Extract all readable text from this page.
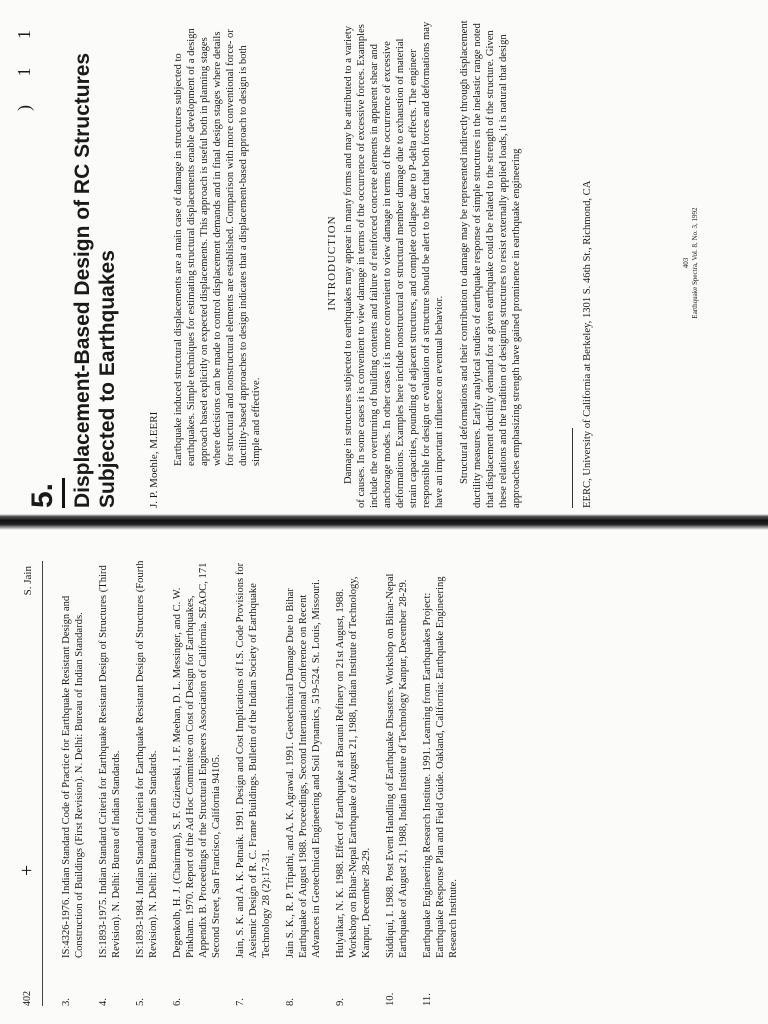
402
+
S. Jain
3.
IS:4326-1976. Indian Standard Code of Practice for Earthquake Resistant Design and Construction of Buildings (First Revision). N. Delhi: Bureau of Indian Standards.
4.
IS:1893-1975. Indian Standard Criteria for Earthquake Resistant Design of Structures (Third Revision). N. Delhi: Bureau of Indian Standards.
5.
IS:1893-1984. Indian Standard Criteria for Earthquake Resistant Design of Structures (Fourth Revision). N. Delhi: Bureau of Indian Standards.
6.
Degenkolb, H. J. (Chairman), S. F. Gizienski, J. F. Meehan, D. L. Messinger, and C. W. Pinkham. 1970. Report of the Ad Hoc Committee on Cost of Design for Earthquakes, Appendix B. Proceedings of the Structural Engineers Association of California. SEAOC, 171 Second Street, San Francisco, California 94105.
7.
Jain, S. K. and A. K. Patnaik. 1991. Design and Cost Implications of I.S. Code Provisions for Aseismic Design of R. C. Frame Buildings. Bulletin of the Indian Society of Earthquake Technology 28 (2):17-31.
8.
Jain S. K., R. P. Tripathi, and A. K. Agrawal. 1991. Geotechnical Damage Due to Bihar Earthquake of August 1988. Proceedings, Second International Conference on Recent Advances in Geotechnical Engineering and Soil Dynamics, 519-524. St. Louis, Missouri.
9.
Hulyalkar, N. K. 1988. Effect of Earthquake at Barauni Refinery on 21st August, 1988. Workshop on Bihar-Nepal Earthquake of August 21, 1988, Indian Institute of Technology, Kanpur, December 28-29.
10.
Siddiqui, I. 1988. Post Event Handling of Earthquake Disasters. Workshop on Bihar-Nepal Earthquake of August 21, 1988, Indian Institute of Technology Kanpur, December 28-29.
11.
Earthquake Engineering Research Institute. 1991. Learning from Earthquakes Project: Earthquake Response Plan and Field Guide. Oakland, California: Earthquake Engineering Research Institute.
) 1 1
5. Displacement-Based Design of RC Structures Subjected to Earthquakes	J. P. Moehle, M.EERI Earthquake induced structural displacements are a main case of damage in structures subjected to earthquakes. Simple techniques for estimating structural displacements enable development of a design approach based explicitly on expected displacements. This approach is useful both in planning stages where decisions can be made to control displacement demands and in final design stages where details for structural and nonstructural elements are established. Comparison with more conventional force- or ductility-based approaches to design indicates that a displacement-based approach to design is both simple and effective.
INTRODUCTION Damage in structures subjected to earthquakes may appear in many forms and may be attributed to a variety of causes. In some cases it is convenient to view damage in terms of the occurrence of excessive forces. Examples include the overturning of building contents and failure of reinforced concrete elements in apparent shear and anchorage modes. In other cases it is more convenient to view damage in terms of the occurrence of excessive deformations. Examples here include nonstructural or structural member damage due to exhaustion of material strain capacities, pounding of adjacent structures, and complete collapse due to P-delta effects. The engineer responsible for design or evaluation of a structure should be alert to the fact that both forces and deformations may have an important influence on eventual behavior. Structural deformations and their contribution to damage may be represented indirectly through displacement ductility measures. Early analytical studies of earthquake response of simple structures in the inelastic range noted that displacement ductility demand for a given earthquake could be related to the strength of the structure. Given these relations and the tradition of designing structures to resist externally applied loads, it is natural that design approaches emphasizing strength have gained prominence in earthquake engineering	EERC, University of California at Berkeley, 1301 S. 46th St., Richmond, CA	403 Earthquake Spectra, Vol. 8, No. 3, 1992
